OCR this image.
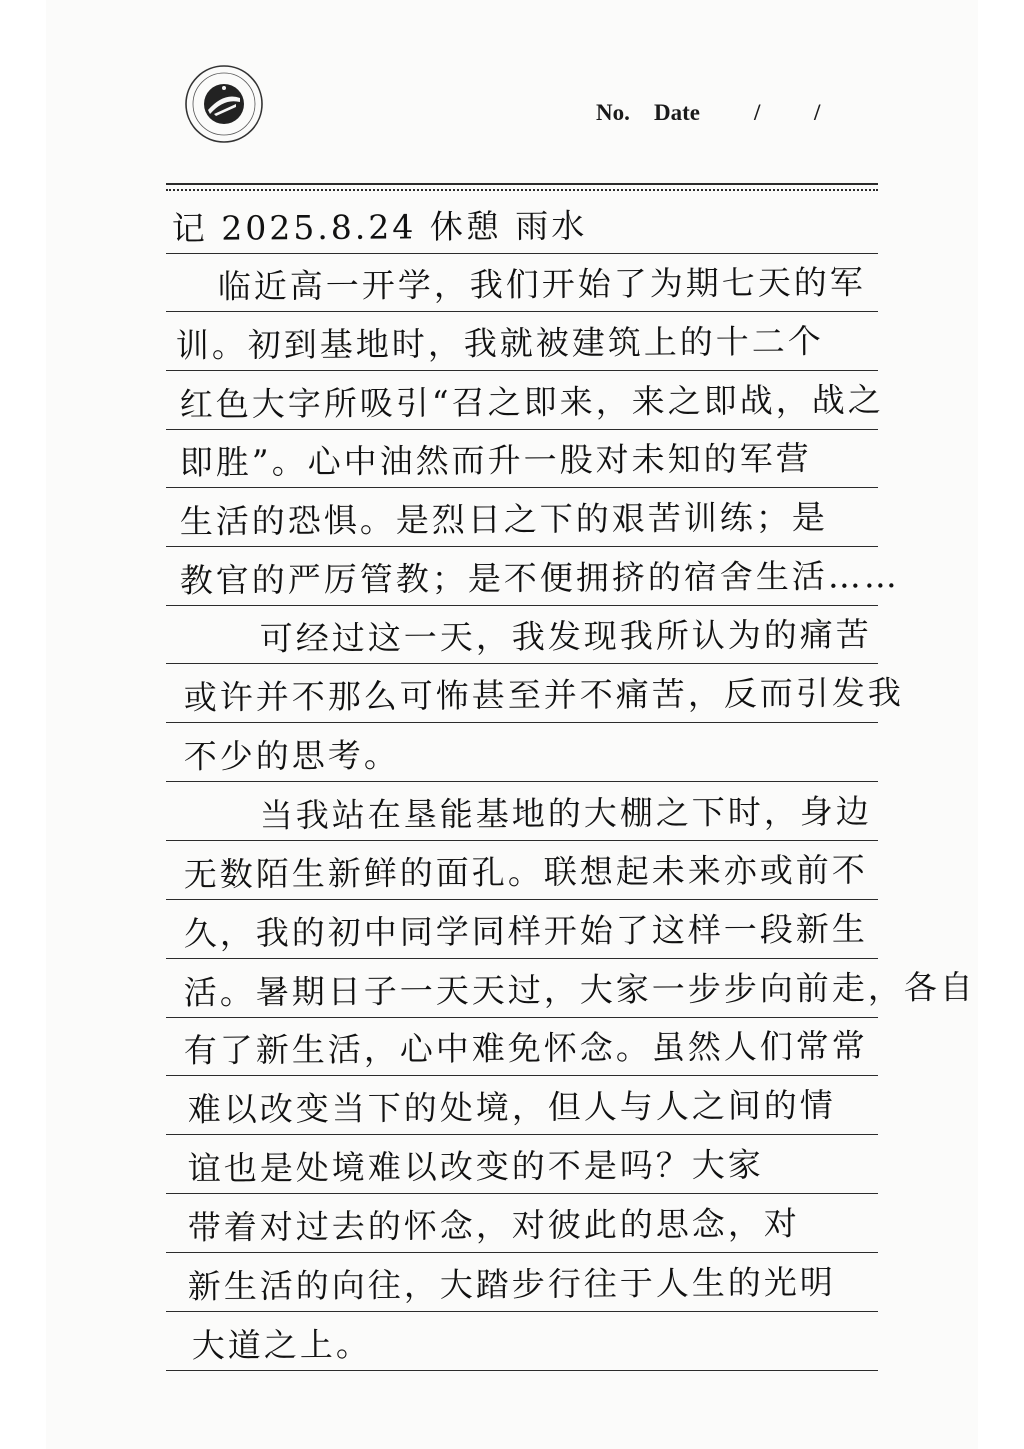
No. Date / /
记 2025.8.24 休憩 雨水
临近高一开学，我们开始了为期七天的军
训。初到基地时，我就被建筑上的十二个
红色大字所吸引“召之即来，来之即战，战之
即胜”。心中油然而升一股对未知的军营
生活的恐惧。是烈日之下的艰苦训练；是
教官的严厉管教；是不便拥挤的宿舍生活……
可经过这一天，我发现我所认为的痛苦
或许并不那么可怖甚至并不痛苦，反而引发我
不少的思考。
当我站在垦能基地的大棚之下时，身边
无数陌生新鲜的面孔。联想起未来亦或前不
久，我的初中同学同样开始了这样一段新生
活。暑期日子一天天过，大家一步步向前走，各自
有了新生活，心中难免怀念。虽然人们常常
难以改变当下的处境，但人与人之间的情
谊也是处境难以改变的不是吗？大家
带着对过去的怀念，对彼此的思念，对
新生活的向往，大踏步行往于人生的光明
大道之上。
